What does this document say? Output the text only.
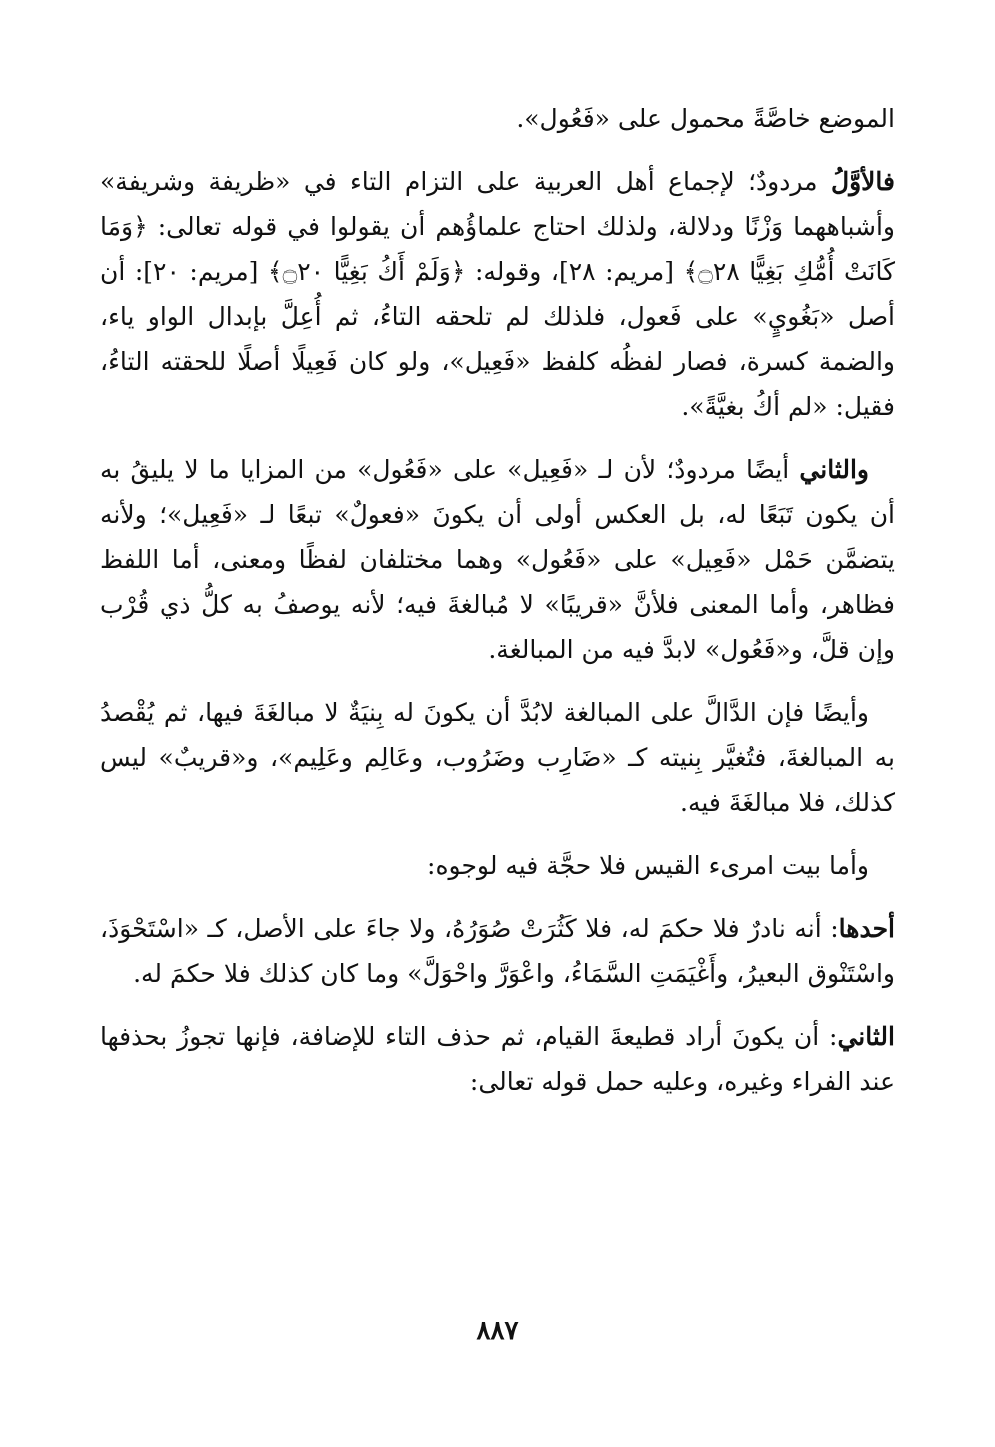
الموضع خاصَّةً محمول على «فَعُول».

فالأوَّلُ مردودٌ؛ لإجماع أهل العربية على التزام التاء في «ظريفة وشريفة» وأشباههما وَزْنًا ودلالة، ولذلك احتاج علماؤُهم أن يقولوا في قوله تعالى: ﴿وَمَا كَانَتْ أُمُّكِ بَغِيًّا ۝٢٨﴾ [مريم: ٢٨]، وقوله: ﴿وَلَمْ أَكُ بَغِيًّا ۝٢٠﴾ [مريم: ٢٠]: أن أصل «بَغُويٍ» على فَعول، فلذلك لم تلحقه التاءُ، ثم أُعِلَّ بإبدال الواو ياء، والضمة كسرة، فصار لفظُه كلفظ «فَعِيل»، ولو كان فَعِيلًا أصلًا للحقته التاءُ، فقيل: «لم أكُ بغيَّةً».

والثاني أيضًا مردودٌ؛ لأن لـ «فَعِيل» على «فَعُول» من المزايا ما لا يليقُ به أن يكون تَبَعًا له، بل العكس أولى أن يكونَ «فعولٌ» تبعًا لـ «فَعِيل»؛ ولأنه يتضمَّن حَمْل «فَعِيل» على «فَعُول» وهما مختلفان لفظًا ومعنى، أما اللفظ فظاهر، وأما المعنى فلأنَّ «قريبًا» لا مُبالغةَ فيه؛ لأنه يوصفُ به كلُّ ذي قُرْب وإن قلَّ، و«فَعُول» لابدَّ فيه من المبالغة.

وأيضًا فإن الدَّالَّ على المبالغة لابُدَّ أن يكونَ له بِنيَةٌ لا مبالغَةَ فيها، ثم يُقْصدُ به المبالغةَ، فتُغيَّر بِنيته كـ «ضَارِب وضَرُوب، وعَالِم وعَلِيم»، و«قريبٌ» ليس كذلك، فلا مبالغَةَ فيه.

وأما بيت امرىء القيس فلا حجَّة فيه لوجوه:

أحدها: أنه نادرٌ فلا حكمَ له، فلا كَثُرَتْ صُوَرُهُ، ولا جاءَ على الأصل، كـ «اسْتَحْوَذَ، واسْتَنْوق البعيرُ، وأَغْيَمَتِ السَّمَاءُ، واعْوَرَّ واحْوَلَّ» وما كان كذلك فلا حكمَ له.

الثاني: أن يكونَ أراد قطيعةَ القيام، ثم حذف التاء للإضافة، فإنها تجوزُ بحذفها عند الفراء وغيره، وعليه حمل قوله تعالى:

٨٨٧
